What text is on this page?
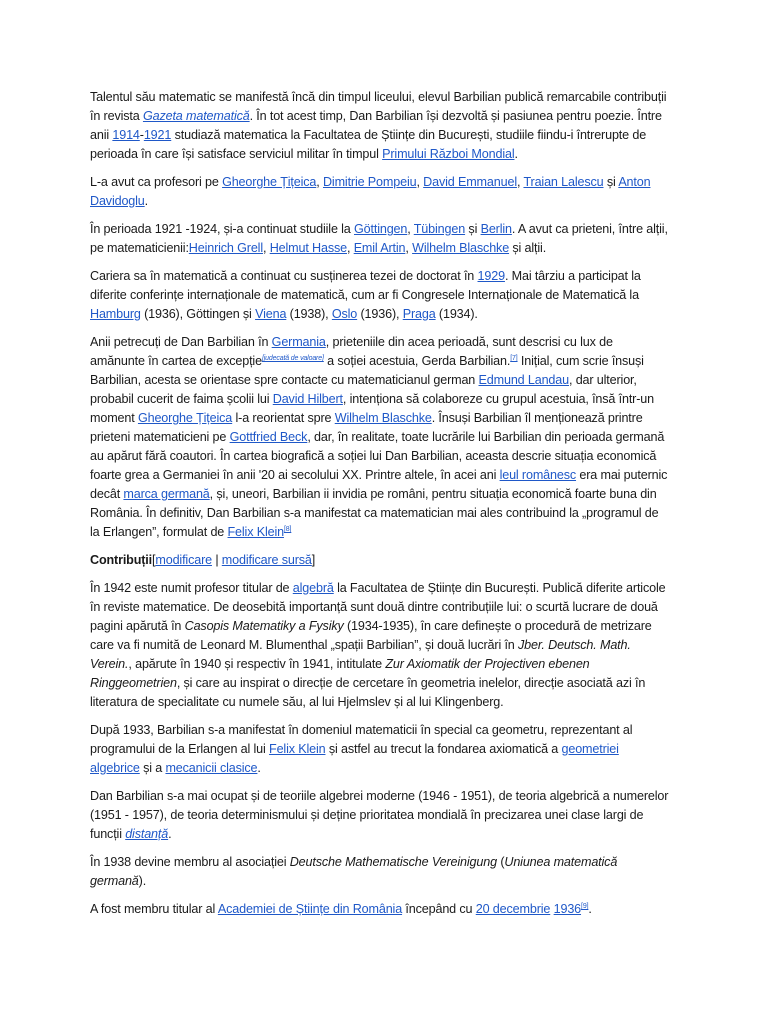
Talentul său matematic se manifestă încă din timpul liceului, elevul Barbilian publică remarcabile contribuții în revista Gazeta matematică. În tot acest timp, Dan Barbilian își dezvoltă și pasiunea pentru poezie. Între anii 1914-1921 studiază matematica la Facultatea de Științe din București, studiile fiindu-i întrerupte de perioada în care își satisface serviciul militar în timpul Primului Război Mondial.

L-a avut ca profesori pe Gheorghe Țițeica, Dimitrie Pompeiu, David Emmanuel, Traian Lalescu și Anton Davidoglu.

În perioada 1921 -1924, și-a continuat studiile la Göttingen, Tübingen și Berlin. A avut ca prieteni, între alții, pe matematicienii:Heinrich Grell, Helmut Hasse, Emil Artin, Wilhelm Blaschke și alții.

Cariera sa în matematică a continuat cu susținerea tezei de doctorat în 1929. Mai târziu a participat la diferite conferințe internaționale de matematică, cum ar fi Congresele Internaționale de Matematică la Hamburg (1936), Göttingen și Viena (1938), Oslo (1936), Praga (1934).

Anii petrecuți de Dan Barbilian în Germania, prieteniile din acea perioadă, sunt descrisi cu lux de amănunte în cartea de excepție[judecată de valoare] a soției acestuia, Gerda Barbilian.[7] Inițial, cum scrie însuși Barbilian, acesta se orientase spre contacte cu matematicianul german Edmund Landau, dar ulterior, probabil cucerit de faima școlii lui David Hilbert, intenționa să colaboreze cu grupul acestuia, însă într-un moment Gheorghe Țițeica l-a reorientat spre Wilhelm Blaschke. Însuși Barbilian îl menționează printre prieteni matematicieni pe Gottfried Beck, dar, în realitate, toate lucrările lui Barbilian din perioada germană au apărut fără coautori. În cartea biografică a soției lui Dan Barbilian, aceasta descrie situația economică foarte grea a Germaniei în anii '20 ai secolului XX. Printre altele, în acei ani leul românesc era mai puternic decât marca germană, și, uneori, Barbilian ii invidia pe români, pentru situația economică foarte buna din România. În definitiv, Dan Barbilian s-a manifestat ca matematician mai ales contribuind la „programul de la Erlangen”, formulat de Felix Klein[8]

Contribuții[modificare | modificare sursă]

În 1942 este numit profesor titular de algebră la Facultatea de Științe din București. Publică diferite articole în reviste matematice. De deosebită importanță sunt două dintre contribuțiile lui: o scurtă lucrare de două pagini apărută în Casopis Matematiky a Fysiky (1934-1935), în care definește o procedură de metrizare care va fi numită de Leonard M. Blumenthal „spații Barbilian”, și două lucrări în Jber. Deutsch. Math. Verein., apărute în 1940 și respectiv în 1941, intitulate Zur Axiomatik der Projectiven ebenen Ringgeometrien, și care au inspirat o direcție de cercetare în geometria inelelor, direcție asociată azi în literatura de specialitate cu numele său, al lui Hjelmslev și al lui Klingenberg.

După 1933, Barbilian s-a manifestat în domeniul matematicii în special ca geometru, reprezentant al programului de la Erlangen al lui Felix Klein și astfel au trecut la fondarea axiomatică a geometriei algebrice și a mecanicii clasice.

Dan Barbilian s-a mai ocupat și de teoriile algebrei moderne (1946 - 1951), de teoria algebrică a numerelor (1951 - 1957), de teoria determinismului și deține prioritatea mondială în precizarea unei clase largi de funcții distanță.

În 1938 devine membru al asociației Deutsche Mathematische Vereinigung (Uniunea matematică germană).

A fost membru titular al Academiei de Științe din România începând cu 20 decembrie 1936[9].
